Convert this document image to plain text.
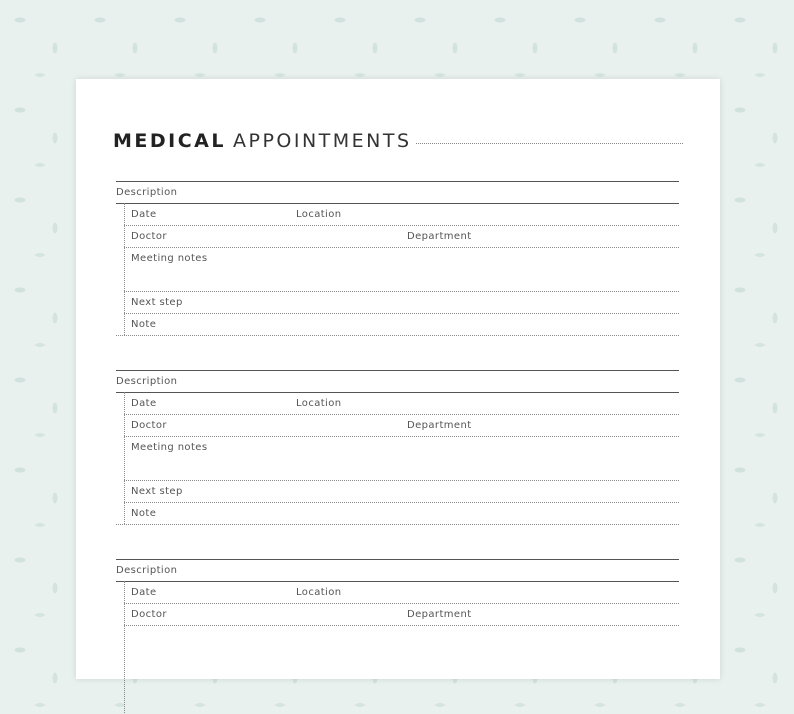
MEDICAL APPOINTMENTS
Description
Date	Location
Doctor	Department
Meeting notes
Next step
Note
Description
Date	Location
Doctor	Department
Meeting notes
Next step
Note
Description
Date	Location
Doctor	Department
